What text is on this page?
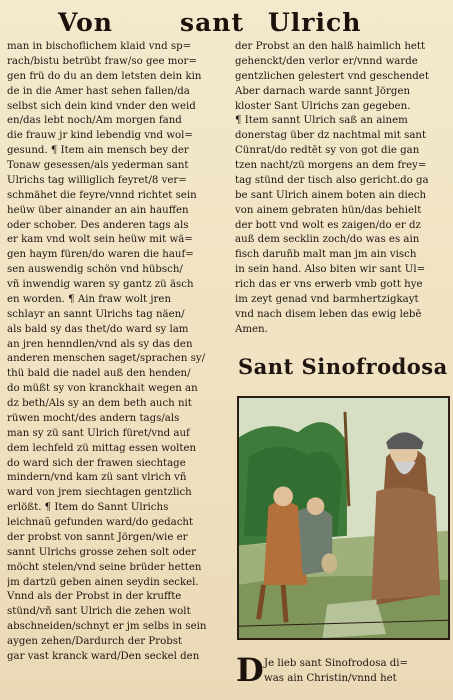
Von	sant Ulrich
man in bischoflichem klaid vnd sp=
rach/bistu betrübt fraw/so gee mor=
gen frü do du an dem letsten dein kin
de in die Amer hast sehen fallen/da
selbst sich dein kind vnder den weid
en/das lebt noch/Am morgen fand
die frauw jr kind lebendig vnd wol=
gesund. ¶ Item ain mensch bey der
Tonaw gesessen/als yederman sant
Ulrichs tag williglich feyret/8 ver=
schmähet die feyre/vnnd richtet sein
heüw über ainander an ain hauffen
oder schober. Des anderen tags als
er kam vnd wolt sein heüw mit wä=
gen haym füren/do waren die hauf=
sen auswendig schön vnd hübsch/
vñ inwendig waren sy gantz zü äsch
en worden. ¶ Ain fraw wolt jren
schlayr an sannt Ulrichs tag näen/
als bald sy das thet/do ward sy lam
an jren henndlen/vnd als sy das den
anderen menschen saget/sprachen sy/
thü bald die nadel auß den henden/
do müßt sy von kranckhait wegen an
dz beth/Als sy an dem beth auch nit
rüwen mocht/des andern tags/als
man sy zü sant Ulrich füret/vnd auf
dem lechfeld zü mittag essen wolten
do ward sich der frawen siechtage
mindern/vnd kam zü sant vlrich vñ
ward von jrem siechtagen gentzlich
erlößt. ¶ Item do Sannt Ulrichs
leichnaũ gefunden ward/do gedacht
der probst von sannt Jörgen/wie er
sannt Ulrichs grosse zehen solt oder
möcht stelen/vnd seine brüder hetten
jm dartzü geben ainen seydin seckel.
Vnnd als der Probst in der kruffte
stünd/vñ sant Ulrich die zehen wolt
abschneiden/schnyt er jm selbs in sein
aygen zehen/Dardurch der Probst
gar vast kranck ward/Den seckel den
der Probst an den halß haimlich hett
gehenckt/den verlor er/vnnd warde
gentzlichen gelestert vnd geschendet
Aber darnach warde sannt Jörgen
kloster Sant Ulrichs zan gegeben.
¶ Item sannt Ulrich saß an ainem
donerstag über dz nachtmal mit sant
Cünrat/do redtēt sy von got die gan
tzen nacht/zü morgens an dem frey=
tag stünd der tisch also gericht.do ga
be sant Ulrich ainem boten ain diech
von ainem gebraten hün/das behielt
der bott vnd wolt es zaigen/do er dz
auß dem secklin zoch/do was es ain
fisch daruñb malt man jm ain visch
in sein hand. Also biten wir sant Ul=
rich das er vns erwerb vmb gott hye
im zeyt genad vnd barmhertzigkayt
vnd nach disem leben das ewig lebē
Amen.
Sant Sinofrodosa
D Je lieb sant Sinofrodosa di=
was ain Christin/vnnd het
